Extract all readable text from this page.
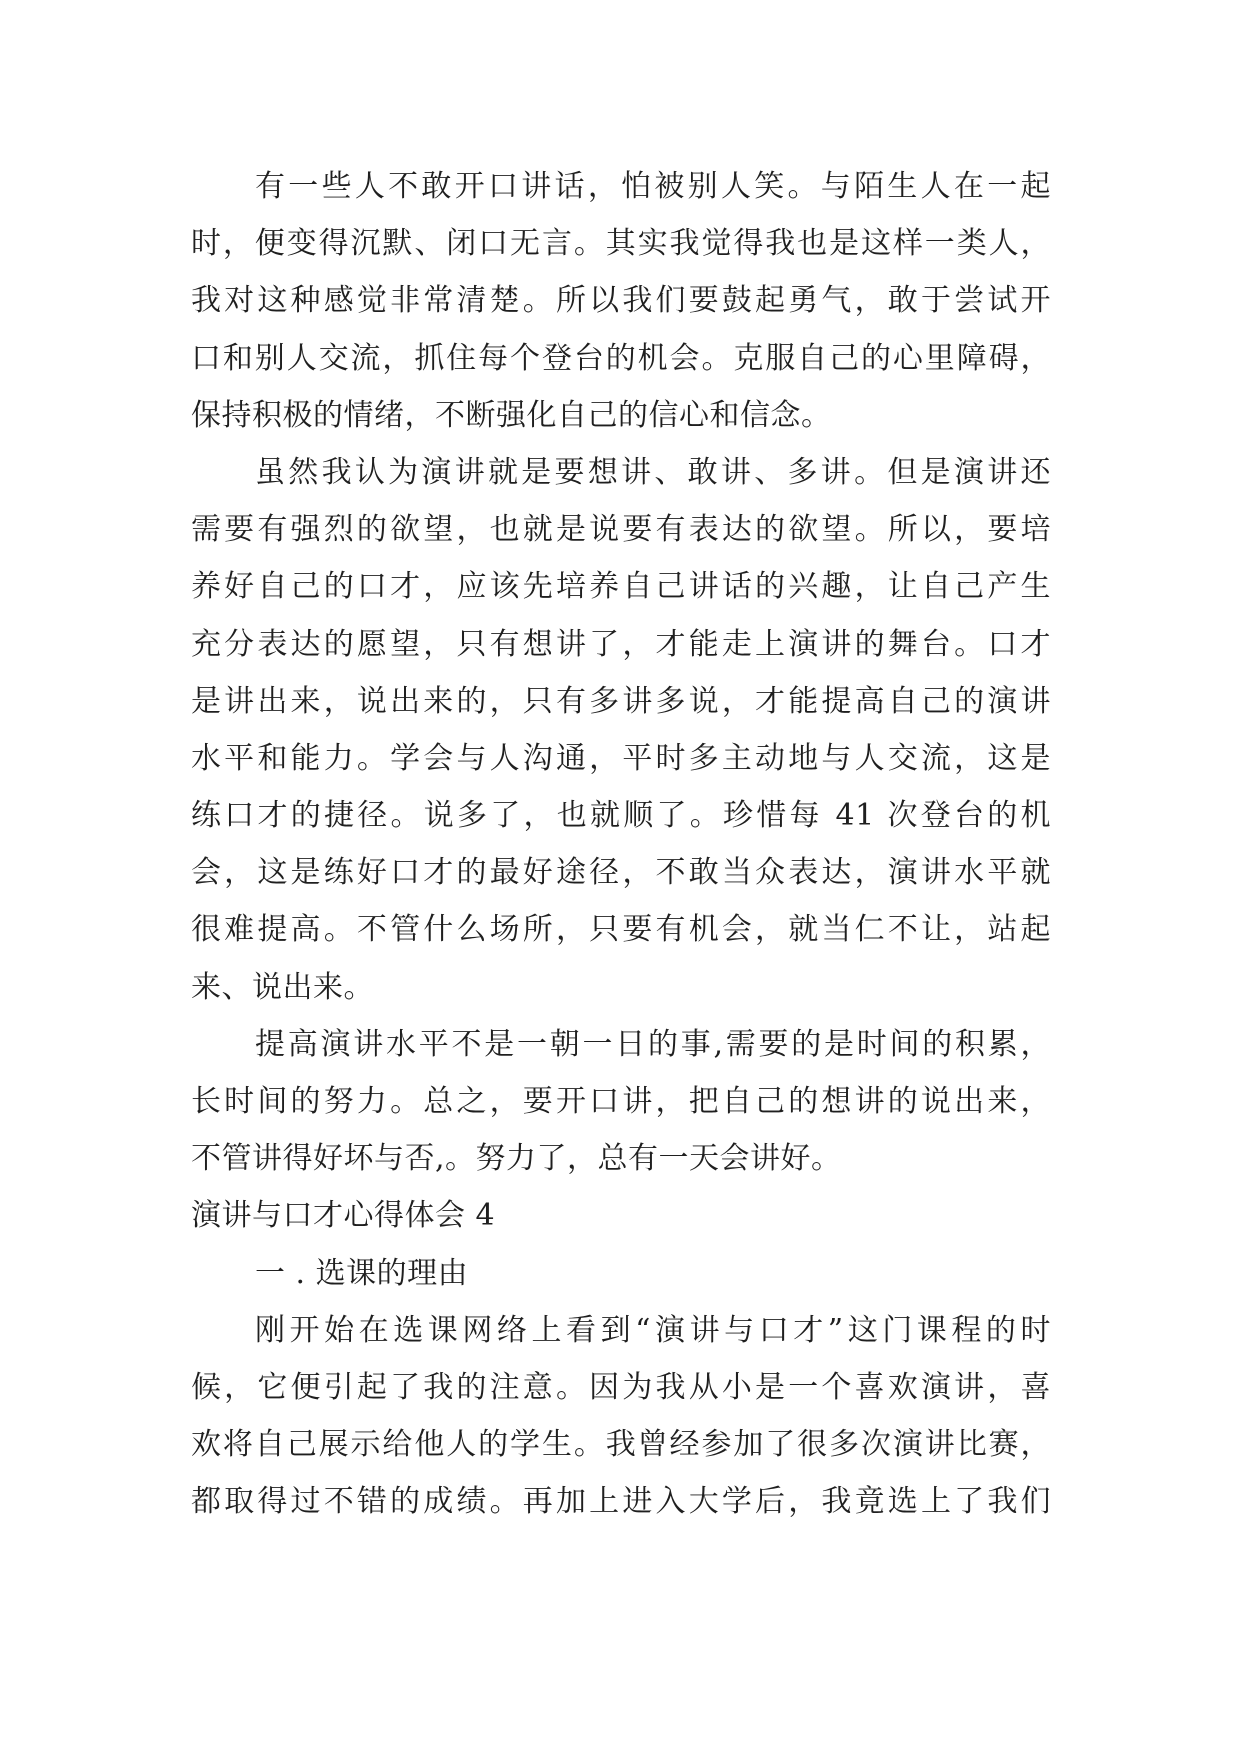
有一些人不敢开口讲话，怕被别人笑。与陌生人在一起
时，便变得沉默、闭口无言。其实我觉得我也是这样一类人，
我对这种感觉非常清楚。所以我们要鼓起勇气，敢于尝试开
口和别人交流，抓住每个登台的机会。克服自己的心里障碍，
保持积极的情绪，不断强化自己的信心和信念。
虽然我认为演讲就是要想讲、敢讲、多讲。但是演讲还
需要有强烈的欲望，也就是说要有表达的欲望。所以，要培
养好自己的口才，应该先培养自己讲话的兴趣，让自己产生
充分表达的愿望，只有想讲了，才能走上演讲的舞台。口才
是讲出来，说出来的，只有多讲多说，才能提高自己的演讲
水平和能力。学会与人沟通，平时多主动地与人交流，这是
练口才的捷径。说多了，也就顺了。珍惜每 41 次登台的机
会，这是练好口才的最好途径，不敢当众表达，演讲水平就
很难提高。不管什么场所，只要有机会，就当仁不让，站起
来、说出来。
提高演讲水平不是一朝一日的事,需要的是时间的积累，
长时间的努力。总之，要开口讲，把自己的想讲的说出来，
不管讲得好坏与否,。努力了，总有一天会讲好。
演讲与口才心得体会 4
一 . 选课的理由
刚开始在选课网络上看到“演讲与口才”这门课程的时
候，它便引起了我的注意。因为我从小是一个喜欢演讲，喜
欢将自己展示给他人的学生。我曾经参加了很多次演讲比赛，
都取得过不错的成绩。再加上进入大学后，我竟选上了我们
